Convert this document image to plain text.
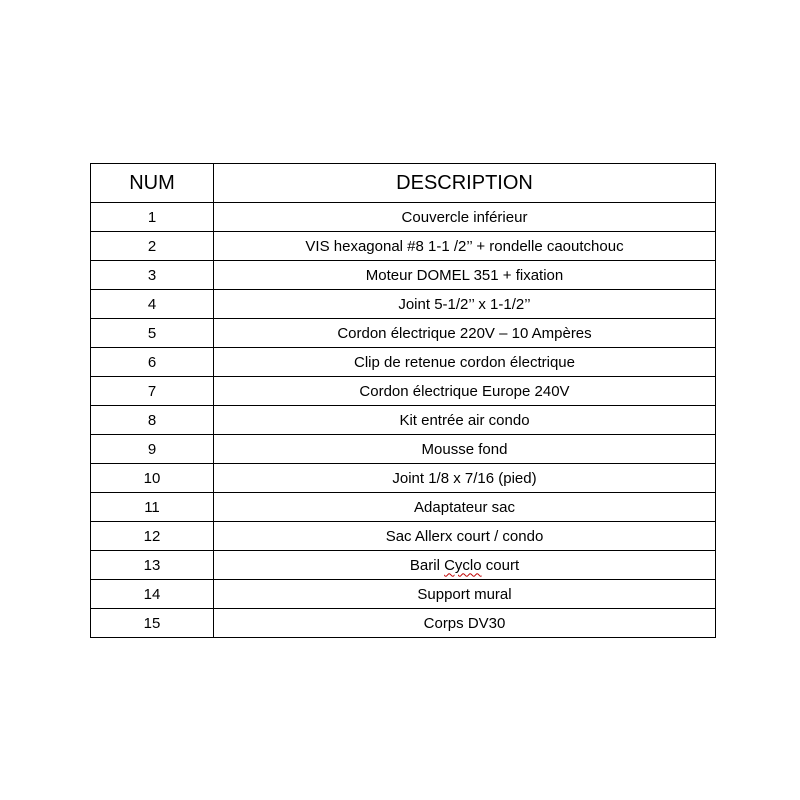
NUM	DESCRIPTION
1	Couvercle inférieur
2	VIS hexagonal #8 1-1 /2’’ + rondelle caoutchouc
3	Moteur DOMEL 351 + fixation
4	Joint 5-1/2’’ x 1-1/2’’
5	Cordon électrique 220V – 10 Ampères
6	Clip de retenue cordon électrique
7	Cordon électrique Europe 240V
8	Kit entrée air condo
9	Mousse fond
10	Joint 1/8 x 7/16 (pied)
11	Adaptateur sac
12	Sac Allerx court / condo
13	Baril Cyclo court
14	Support mural
15	Corps DV30
